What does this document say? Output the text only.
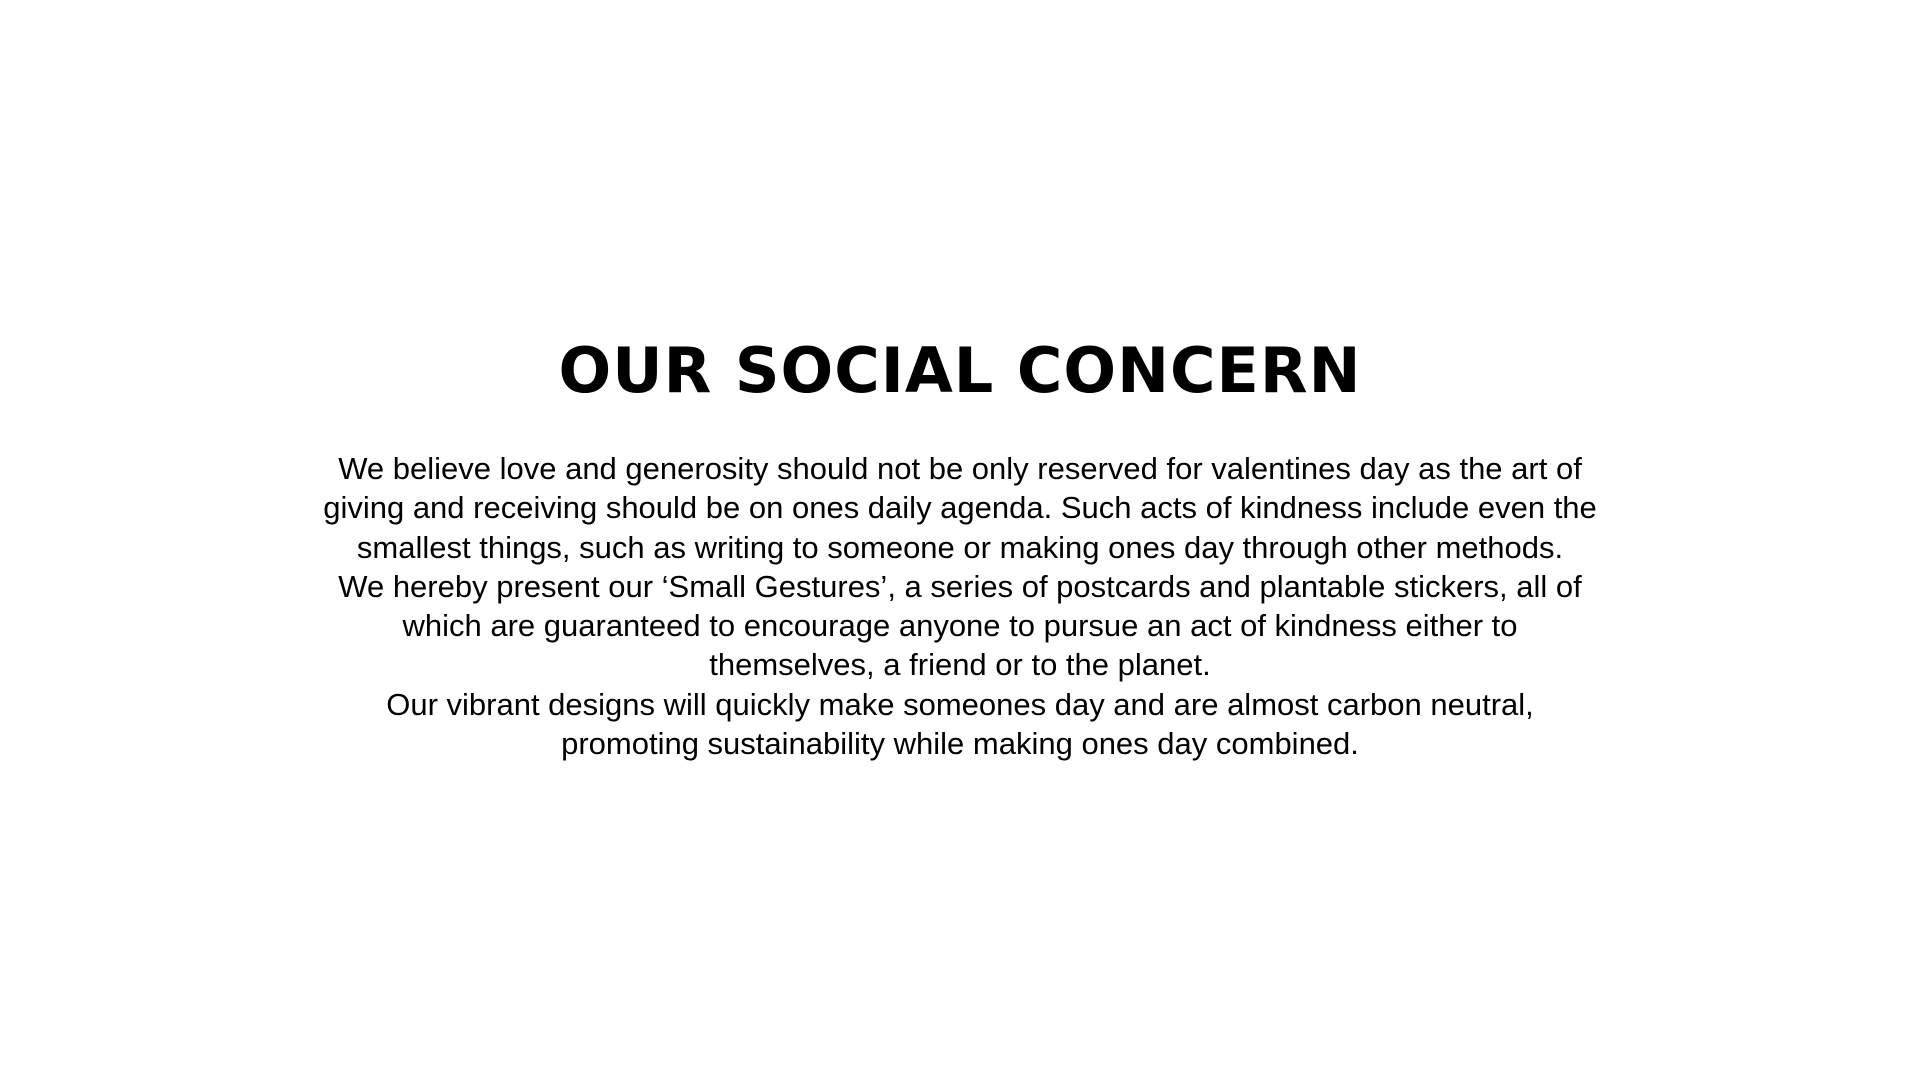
OUR SOCIAL CONCERN

We believe love and generosity should not be only reserved for valentines day as the art of
giving and receiving should be on ones daily agenda. Such acts of kindness include even the
smallest things, such as writing to someone or making ones day through other methods.
We hereby present our ‘Small Gestures’, a series of postcards and plantable stickers, all of
which are guaranteed to encourage anyone to pursue an act of kindness either to
themselves, a friend or to the planet.
Our vibrant designs will quickly make someones day and are almost carbon neutral,
promoting sustainability while making ones day combined.
